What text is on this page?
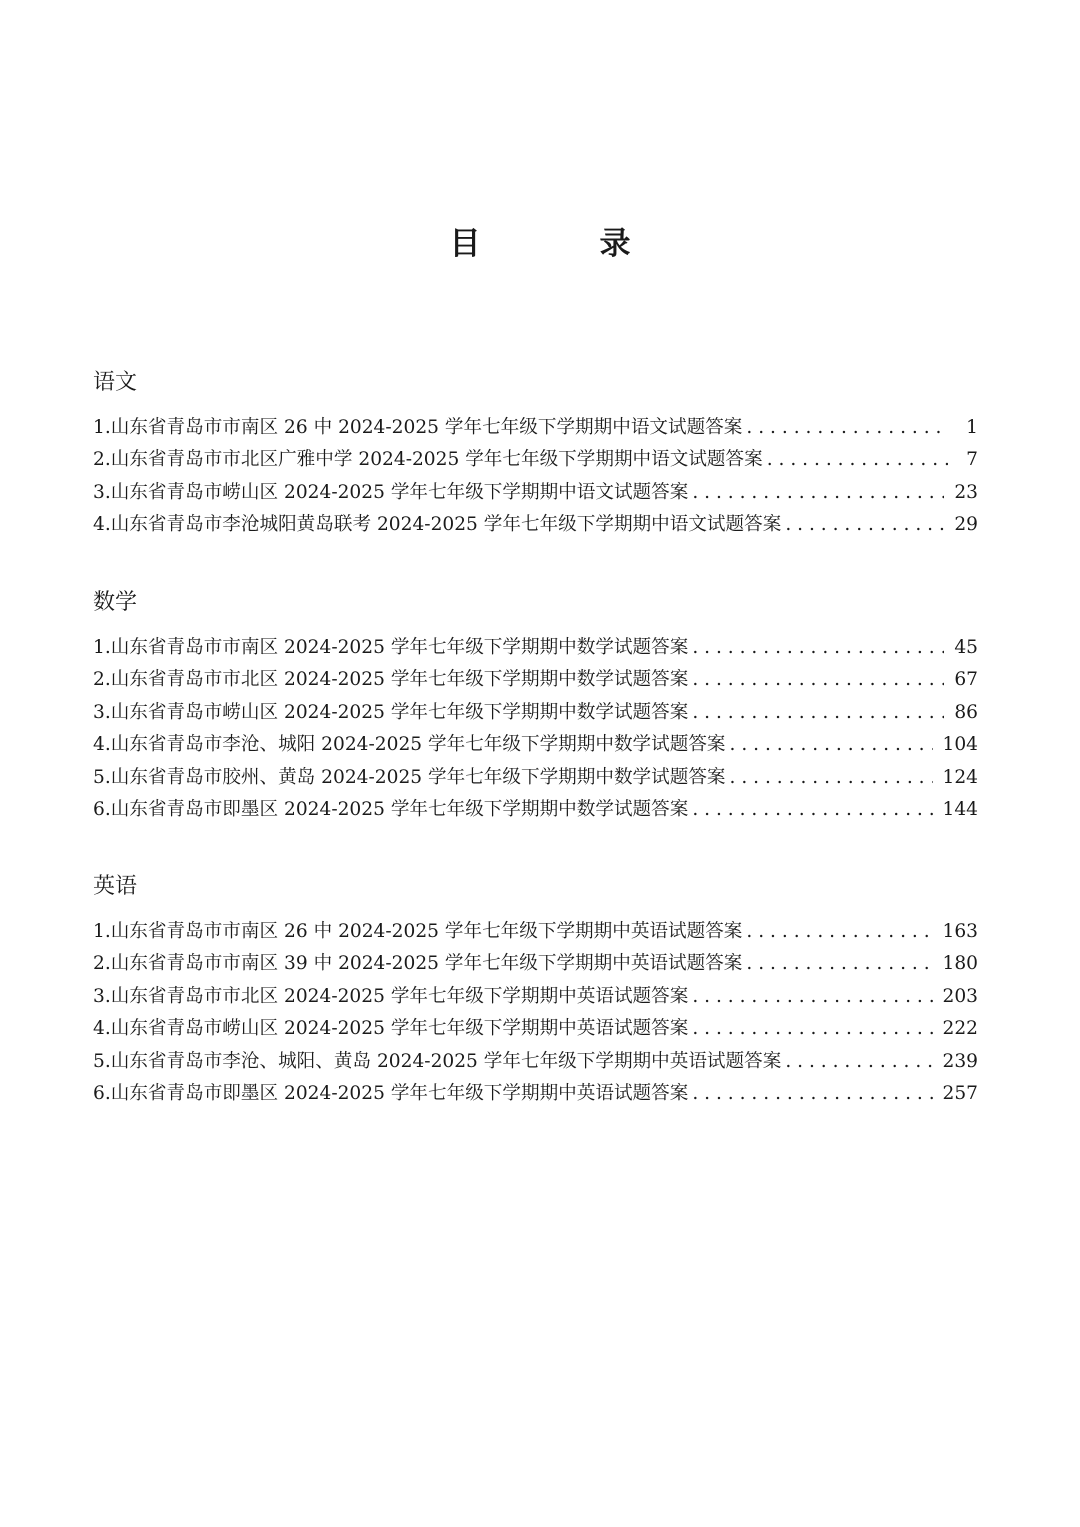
目　录
语文
1.山东省青岛市市南区 26 中 2024-2025 学年七年级下学期期中语文试题答案 . . .	1
2.山东省青岛市市北区广雅中学 2024-2025 学年七年级下学期期中语文试题答案 . . .	7
3.山东省青岛市崂山区 2024-2025 学年七年级下学期期中语文试题答案 . . .	23
4.山东省青岛市李沧城阳黄岛联考 2024-2025 学年七年级下学期期中语文试题答案 . . .	29
数学
1.山东省青岛市市南区 2024-2025 学年七年级下学期期中数学试题答案 . . .	45
2.山东省青岛市市北区 2024-2025 学年七年级下学期期中数学试题答案 . . .	67
3.山东省青岛市崂山区 2024-2025 学年七年级下学期期中数学试题答案 . . .	86
4.山东省青岛市李沧、城阳 2024-2025 学年七年级下学期期中数学试题答案 . . .	104
5.山东省青岛市胶州、黄岛 2024-2025 学年七年级下学期期中数学试题答案 . . .	124
6.山东省青岛市即墨区 2024-2025 学年七年级下学期期中数学试题答案 . . .	144
英语
1.山东省青岛市市南区 26 中 2024-2025 学年七年级下学期期中英语试题答案 . . .	163
2.山东省青岛市市南区 39 中 2024-2025 学年七年级下学期期中英语试题答案 . . .	180
3.山东省青岛市市北区 2024-2025 学年七年级下学期期中英语试题答案 . . .	203
4.山东省青岛市崂山区 2024-2025 学年七年级下学期期中英语试题答案 . . .	222
5.山东省青岛市李沧、城阳、黄岛 2024-2025 学年七年级下学期期中英语试题答案 . . .	239
6.山东省青岛市即墨区 2024-2025 学年七年级下学期期中英语试题答案 . . .	257
